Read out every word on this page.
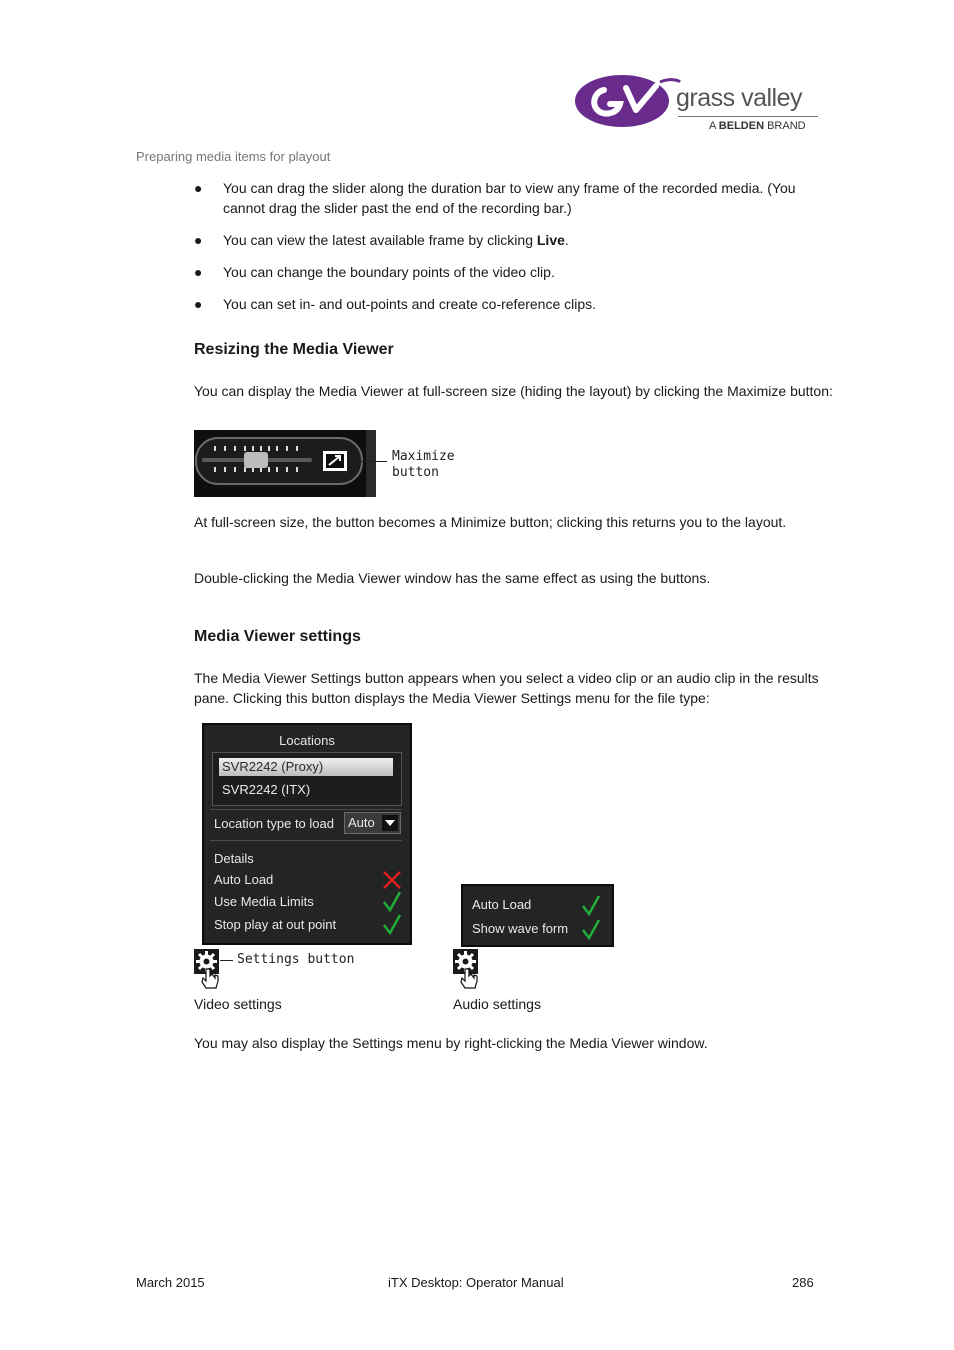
grass valley
A BELDEN BRAND
Preparing media items for playout
● You can drag the slider along the duration bar to view any frame of the recorded media. (You cannot drag the slider past the end of the recording bar.)
● You can view the latest available frame by clicking Live.
● You can change the boundary points of the video clip.
● You can set in- and out-points and create co-reference clips.
Resizing the Media Viewer
You can display the Media Viewer at full-screen size (hiding the layout) by clicking the Maximize button:
Maximize
button
At full-screen size, the button becomes a Minimize button; clicking this returns you to the layout.
Double-clicking the Media Viewer window has the same effect as using the buttons.
Media Viewer settings
The Media Viewer Settings button appears when you select a video clip or an audio clip in the results pane. Clicking this button displays the Media Viewer Settings menu for the file type:
Locations
SVR2242 (Proxy)
SVR2242 (ITX)
Location type to load Auto
Details
Auto Load
Use Media Limits
Stop play at out point
Auto Load
Show wave form
Settings button
Video settings	Audio settings
You may also display the Settings menu by right-clicking the Media Viewer window.
March 2015	iTX Desktop: Operator Manual	286
